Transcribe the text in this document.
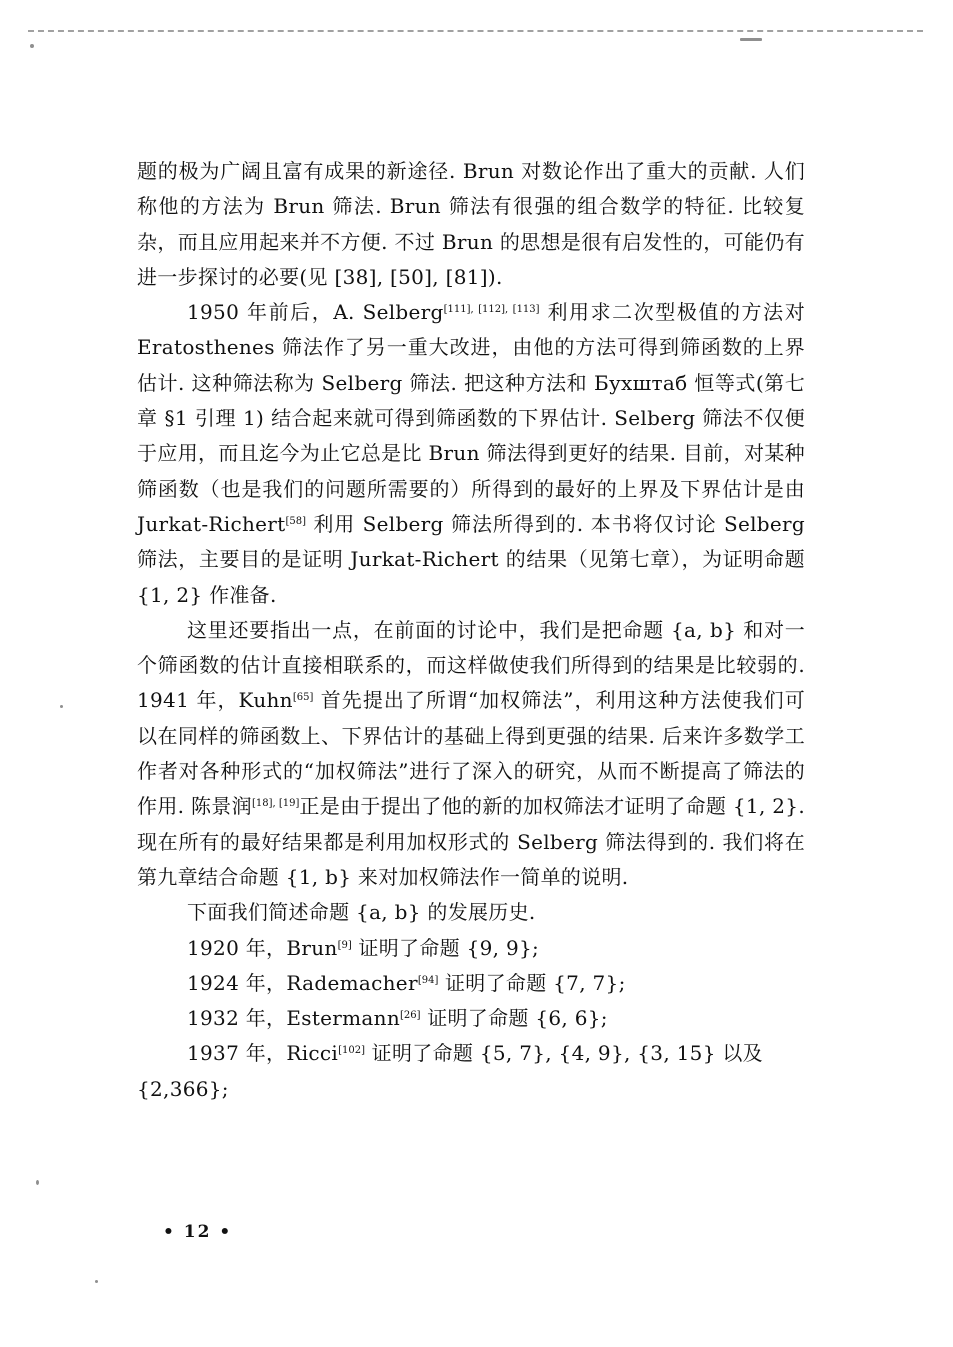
题的极为广阔且富有成果的新途径. Brun 对数论作出了重大的贡献. 人们称他的方法为 Brun 筛法. Brun 筛法有很强的组合数学的特征. 比较复杂，而且应用起来并不方便. 不过 Brun 的思想是很有启发性的，可能仍有进一步探讨的必要(见 [38], [50], [81]).

1950 年前后，A. Selberg[111], [112], [113] 利用求二次型极值的方法对 Eratosthenes 筛法作了另一重大改进，由他的方法可得到筛函数的上界估计. 这种筛法称为 Selberg 筛法. 把这种方法和 Бухштаб 恒等式(第七章 §1 引理 1) 结合起来就可得到筛函数的下界估计. Selberg 筛法不仅便于应用，而且迄今为止它总是比 Brun 筛法得到更好的结果. 目前，对某种筛函数（也是我们的问题所需要的）所得到的最好的上界及下界估计是由 Jurkat-Richert[58] 利用 Selberg 筛法所得到的. 本书将仅讨论 Selberg 筛法，主要目的是证明 Jurkat-Richert 的结果（见第七章），为证明命题 {1, 2} 作准备.

这里还要指出一点，在前面的讨论中，我们是把命题 {a, b} 和对一个筛函数的估计直接相联系的，而这样做使我们所得到的结果是比较弱的. 1941 年，Kuhn[65] 首先提出了所谓“加权筛法”，利用这种方法使我们可以在同样的筛函数上、下界估计的基础上得到更强的结果. 后来许多数学工作者对各种形式的“加权筛法”进行了深入的研究，从而不断提高了筛法的作用. 陈景润[18], [19]正是由于提出了他的新的加权筛法才证明了命题 {1, 2}. 现在所有的最好结果都是利用加权形式的 Selberg 筛法得到的. 我们将在第九章结合命题 {1, b} 来对加权筛法作一简单的说明.

下面我们简述命题 {a, b} 的发展历史.

1920 年，Brun[9] 证明了命题 {9, 9};

1924 年，Rademacher[94] 证明了命题 {7, 7};

1932 年，Estermann[26] 证明了命题 {6, 6};

1937 年，Ricci[102] 证明了命题 {5, 7}, {4, 9}, {3, 15} 以及 {2,366};

• 12 •
